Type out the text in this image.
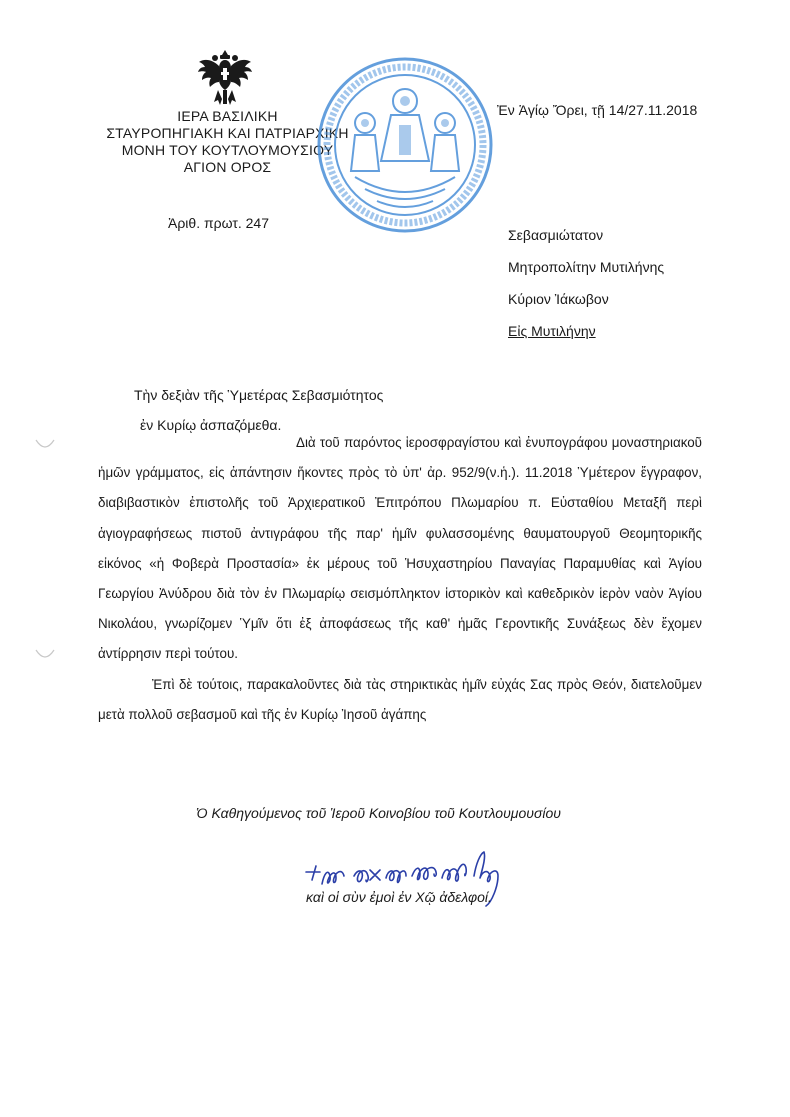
ΙΕΡΑ ΒΑΣΙΛΙΚΗ
ΣΤΑΥΡΟΠΗΓΙΑΚΗ ΚΑΙ ΠΑΤΡΙΑΡΧΙΚΗ
ΜΟΝΗ ΤΟΥ ΚΟΥΤΛΟΥΜΟΥΣΙΟΥ
ΑΓΙΟΝ ΟΡΟΣ
Ἀριθ. πρωτ. 247
Ἐν Ἁγίῳ Ὄρει, τῇ 14/27.11.2018
Σεβασμιώτατον
Μητροπολίτην Μυτιλήνης
Κύριον Ἰάκωβον
Εἰς Μυτιλήνην
Τὴν δεξιὰν τῆς Ὑμετέρας Σεβασμιότητος
ἐν Κυρίῳ ἀσπαζόμεθα.

Διὰ τοῦ παρόντος ἱεροσφραγίστου καὶ ἐνυπογράφου μοναστηριακοῦ ἡμῶν γράμματος, εἰς ἀπάντησιν ἥκοντες πρὸς τὸ ὑπ' ἀρ. 952/9(ν.ἡ.). 11.2018 Ὑμέτερον ἔγγραφον, διαβιβαστικὸν ἐπιστολῆς τοῦ Ἀρχιερατικοῦ Ἐπιτρόπου Πλωμαρίου π. Εὐσταθίου Μεταξῆ περὶ ἁγιογραφήσεως πιστοῦ ἀντιγράφου τῆς παρ' ἡμῖν φυλασσομένης θαυματουργοῦ Θεομητορικῆς εἰκόνος «ἡ Φοβερὰ Προστασία» ἐκ μέρους τοῦ Ἡσυχαστηρίου Παναγίας Παραμυθίας καὶ Ἁγίου Γεωργίου Ἀνύδρου διὰ τὸν ἐν Πλωμαρίῳ σεισμόπληκτον ἱστορικὸν καὶ καθεδρικὸν ἱερὸν ναὸν Ἁγίου Νικολάου, γνωρίζομεν Ὑμῖν ὅτι ἐξ ἀποφάσεως τῆς καθ' ἡμᾶς Γεροντικῆς Συνάξεως δὲν ἔχομεν ἀντίρρησιν περὶ τούτου.

Ἐπὶ δὲ τούτοις, παρακαλοῦντες διὰ τὰς στηρικτικὰς ἡμῖν εὐχάς Σας πρὸς Θεόν, διατελοῦμεν μετὰ πολλοῦ σεβασμοῦ καὶ τῆς ἐν Κυρίῳ Ἰησοῦ ἀγάπης

Ὁ Καθηγούμενος τοῦ Ἱεροῦ Κοινοβίου τοῦ Κουτλουμουσίου
καὶ οἱ σὺν ἐμοὶ ἐν Χῷ ἀδελφοί.
